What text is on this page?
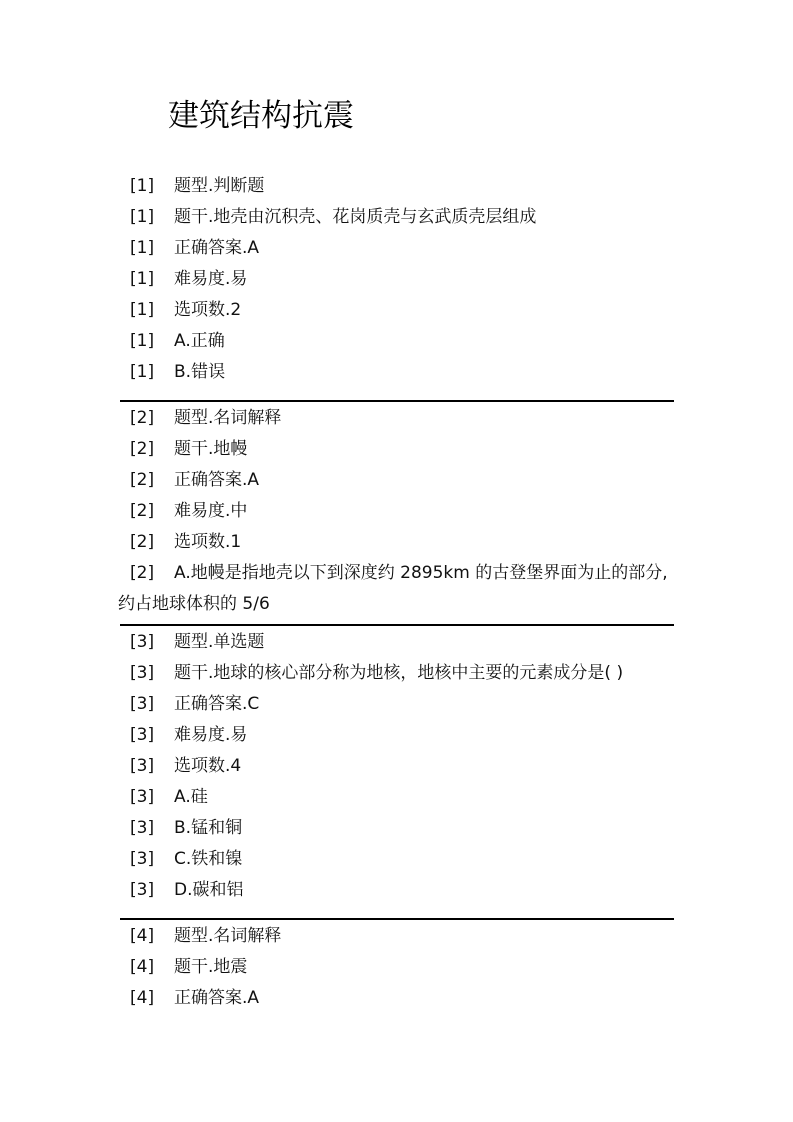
建筑结构抗震
[1] 题型.判断题
[1] 题干.地壳由沉积壳、花岗质壳与玄武质壳层组成
[1] 正确答案.A
[1] 难易度.易
[1] 选项数.2
[1] A.正确
[1] B.错误
[2] 题型.名词解释
[2] 题干.地幔
[2] 正确答案.A
[2] 难易度.中
[2] 选项数.1
[2] A.地幔是指地壳以下到深度约 2895km 的古登堡界面为止的部分,约占地球体积的 5/6
[3] 题型.单选题
[3] 题干.地球的核心部分称为地核，地核中主要的元素成分是( )
[3] 正确答案.C
[3] 难易度.易
[3] 选项数.4
[3] A.硅
[3] B.锰和铜
[3] C.铁和镍
[3] D.碳和铝
[4] 题型.名词解释
[4] 题干.地震
[4] 正确答案.A
